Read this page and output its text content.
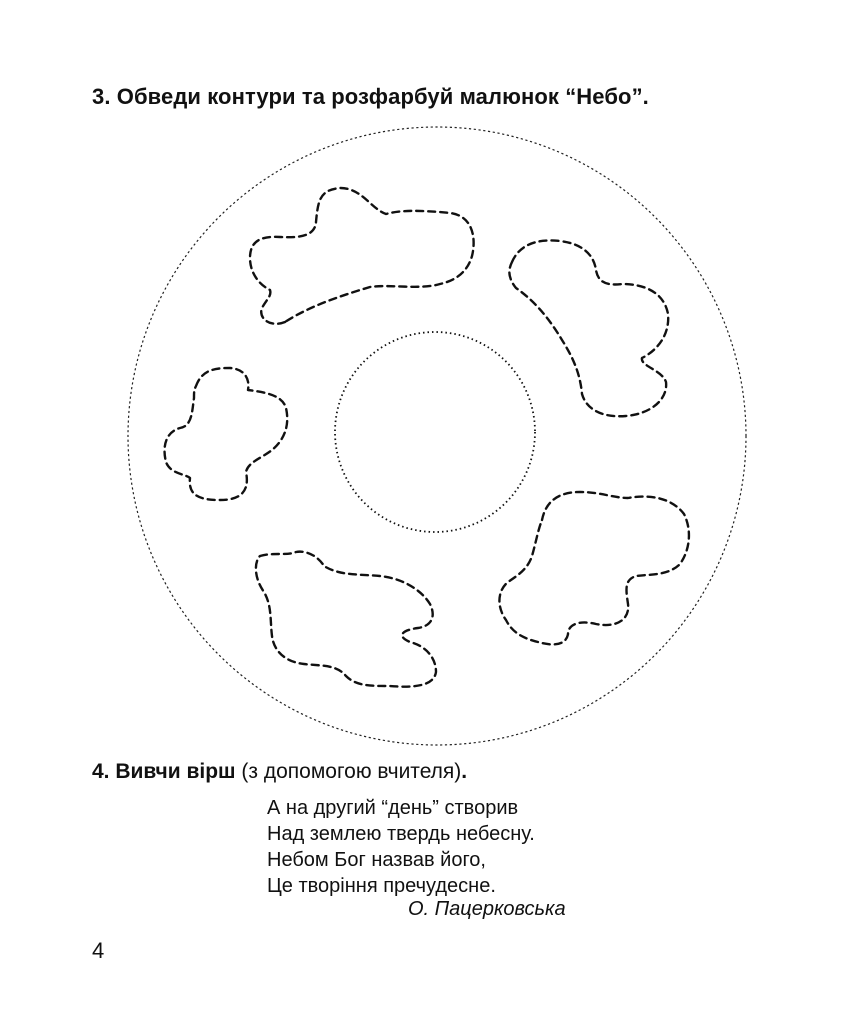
3. Обведи контури та розфарбуй малюнок “Небо”.
4. Вивчи вірш (з допомогою вчителя).
А на другий “день” створив
Над землею твердь небесну.
Небом Бог назвав його,
Це творіння пречудесне.
О. Пацерковська
4
